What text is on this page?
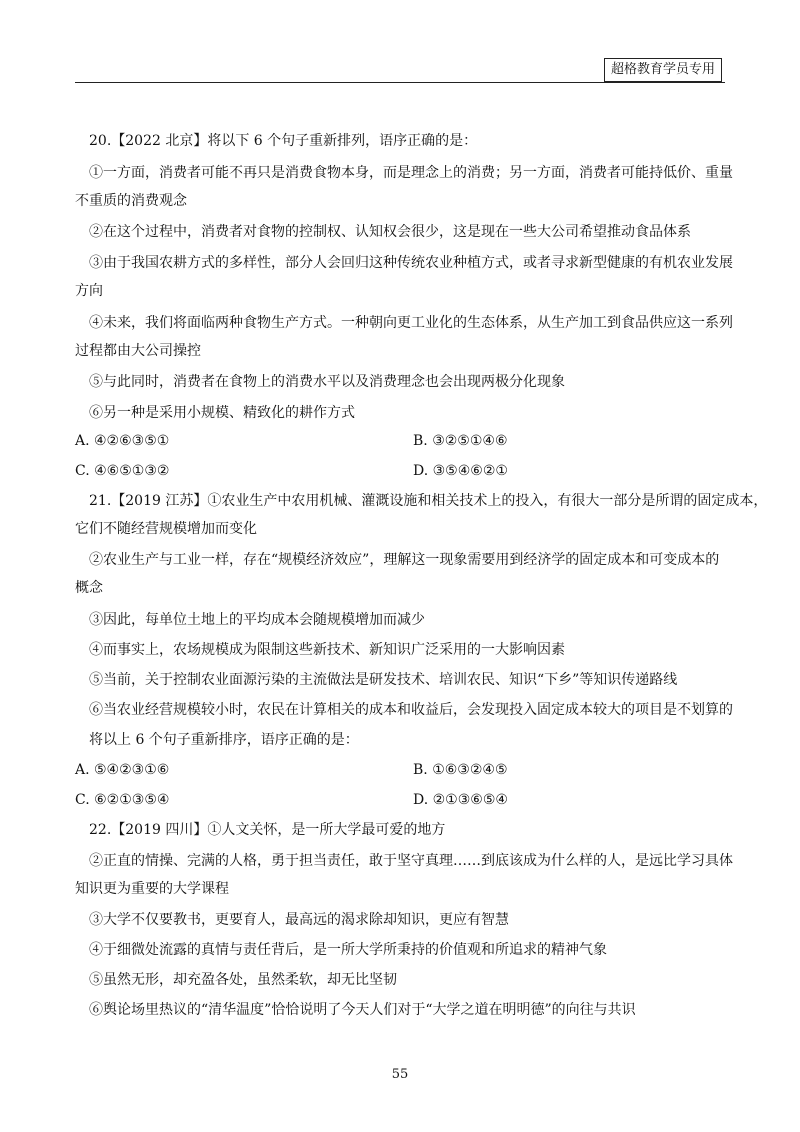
超格教育学员专用
20.【2022 北京】将以下 6 个句子重新排列，语序正确的是：
①一方面，消费者可能不再只是消费食物本身，而是理念上的消费；另一方面，消费者可能持低价、重量
不重质的消费观念
②在这个过程中，消费者对食物的控制权、认知权会很少，这是现在一些大公司希望推动食品体系
③由于我国农耕方式的多样性，部分人会回归这种传统农业种植方式，或者寻求新型健康的有机农业发展
方向
④未来，我们将面临两种食物生产方式。一种朝向更工业化的生态体系，从生产加工到食品供应这一系列
过程都由大公司操控
⑤与此同时，消费者在食物上的消费水平以及消费理念也会出现两极分化现象
⑥另一种是采用小规模、精致化的耕作方式
A. ④②⑥③⑤①	B. ③②⑤①④⑥
C. ④⑥⑤①③②	D. ③⑤④⑥②①
21.【2019 江苏】①农业生产中农用机械、灌溉设施和相关技术上的投入，有很大一部分是所谓的固定成本，
它们不随经营规模增加而变化
②农业生产与工业一样，存在“规模经济效应”，理解这一现象需要用到经济学的固定成本和可变成本的
概念
③因此，每单位土地上的平均成本会随规模增加而减少
④而事实上，农场规模成为限制这些新技术、新知识广泛采用的一大影响因素
⑤当前，关于控制农业面源污染的主流做法是研发技术、培训农民、知识“下乡”等知识传递路线
⑥当农业经营规模较小时，农民在计算相关的成本和收益后，会发现投入固定成本较大的项目是不划算的
将以上 6 个句子重新排序，语序正确的是：
A. ⑤④②③①⑥	B. ①⑥③②④⑤
C. ⑥②①③⑤④	D. ②①③⑥⑤④
22.【2019 四川】①人文关怀，是一所大学最可爱的地方
②正直的情操、完满的人格，勇于担当责任，敢于坚守真理……到底该成为什么样的人，是远比学习具体
知识更为重要的大学课程
③大学不仅要教书，更要育人，最高远的渴求除却知识，更应有智慧
④于细微处流露的真情与责任背后，是一所大学所秉持的价值观和所追求的精神气象
⑤虽然无形，却充盈各处，虽然柔软，却无比坚韧
⑥舆论场里热议的“清华温度”恰恰说明了今天人们对于“大学之道在明明德”的向往与共识
55
